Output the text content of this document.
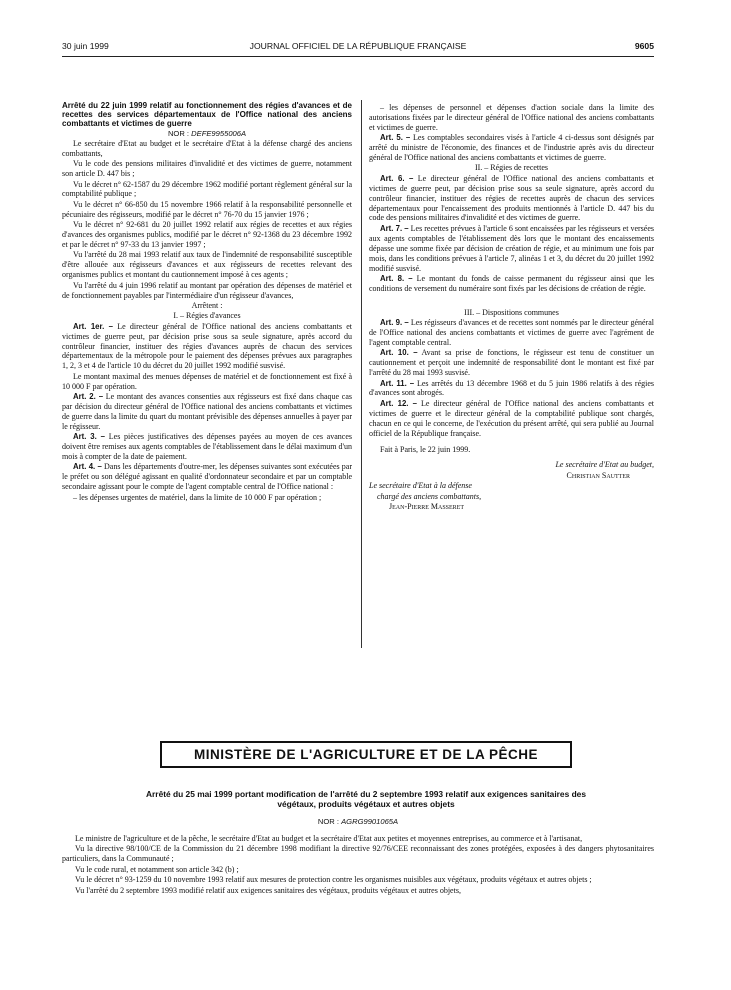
30 juin 1999	JOURNAL OFFICIEL DE LA RÉPUBLIQUE FRANÇAISE	9605

Arrêté du 22 juin 1999 relatif au fonctionnement des régies d'avances et de recettes des services départementaux de l'Office national des anciens combattants et victimes de guerre

NOR : DEFE9955006A

Le secrétaire d'Etat au budget et le secrétaire d'Etat à la défense chargé des anciens combattants,

Vu le code des pensions militaires d'invalidité et des victimes de guerre, notamment son article D. 447 bis ;

Vu le décret n° 62-1587 du 29 décembre 1962 modifié portant règlement général sur la comptabilité publique ;

Vu le décret n° 66-850 du 15 novembre 1966 relatif à la responsabilité personnelle et pécuniaire des régisseurs, modifié par le décret n° 76-70 du 15 janvier 1976 ;

Vu le décret n° 92-681 du 20 juillet 1992 relatif aux régies de recettes et aux régies d'avances des organismes publics, modifié par le décret n° 92-1368 du 23 décembre 1992 et par le décret n° 97-33 du 13 janvier 1997 ;

Vu l'arrêté du 28 mai 1993 relatif aux taux de l'indemnité de responsabilité susceptible d'être allouée aux régisseurs d'avances et aux régisseurs de recettes relevant des organismes publics et montant du cautionnement imposé à ces agents ;

Vu l'arrêté du 4 juin 1996 relatif au montant par opération des dépenses de matériel et de fonctionnement payables par l'intermédiaire d'un régisseur d'avances,

Arrêtent :

I. – Régies d'avances

Art. 1er. – Le directeur général de l'Office national des anciens combattants et victimes de guerre peut, par décision prise sous sa seule signature, après accord du contrôleur financier, instituer des régies d'avances auprès de chacun des services départementaux de la métropole pour le paiement des dépenses prévues aux paragraphes 1, 2, 3 et 4 de l'article 10 du décret du 20 juillet 1992 modifié susvisé.

Le montant maximal des menues dépenses de matériel et de fonctionnement est fixé à 10 000 F par opération.

Art. 2. – Le montant des avances consenties aux régisseurs est fixé dans chaque cas par décision du directeur général de l'Office national des anciens combattants et victimes de guerre dans la limite du quart du montant prévisible des dépenses annuelles à payer par le régisseur.

Art. 3. – Les pièces justificatives des dépenses payées au moyen de ces avances doivent être remises aux agents comptables de l'établissement dans le délai maximum d'un mois à compter de la date de paiement.

Art. 4. – Dans les départements d'outre-mer, les dépenses suivantes sont exécutées par le préfet ou son délégué agissant en qualité d'ordonnateur secondaire et par un comptable secondaire agissant pour le compte de l'agent comptable central de l'Office national :

– les dépenses urgentes de matériel, dans la limite de 10 000 F par opération ;

– les dépenses de personnel et dépenses d'action sociale dans la limite des autorisations fixées par le directeur général de l'Office national des anciens combattants et victimes de guerre.

Art. 5. – Les comptables secondaires visés à l'article 4 ci-dessus sont désignés par arrêté du ministre de l'économie, des finances et de l'industrie après avis du directeur général de l'Office national des anciens combattants et victimes de guerre.

II. – Régies de recettes

Art. 6. – Le directeur général de l'Office national des anciens combattants et victimes de guerre peut, par décision prise sous sa seule signature, après accord du contrôleur financier, instituer des régies de recettes auprès de chacun des services départementaux pour l'encaissement des produits mentionnés à l'article D. 447 bis du code des pensions militaires d'invalidité et des victimes de guerre.

Art. 7. – Les recettes prévues à l'article 6 sont encaissées par les régisseurs et versées aux agents comptables de l'établissement dès lors que le montant des encaissements dépasse une somme fixée par décision de création de régie, et au minimum une fois par mois, dans les conditions prévues à l'article 7, alinéas 1 et 3, du décret du 20 juillet 1992 modifié susvisé.

Art. 8. – Le montant du fonds de caisse permanent du régisseur ainsi que les conditions de versement du numéraire sont fixés par les décisions de création de régie.

III. – Dispositions communes

Art. 9. – Les régisseurs d'avances et de recettes sont nommés par le directeur général de l'Office national des anciens combattants et victimes de guerre avec l'agrément de l'agent comptable central.

Art. 10. – Avant sa prise de fonctions, le régisseur est tenu de constituer un cautionnement et perçoit une indemnité de responsabilité dont le montant est fixé par l'arrêté du 28 mai 1993 susvisé.

Art. 11. – Les arrêtés du 13 décembre 1968 et du 5 juin 1986 relatifs à des régies d'avances sont abrogés.

Art. 12. – Le directeur général de l'Office national des anciens combattants et victimes de guerre et le directeur général de la comptabilité publique sont chargés, chacun en ce qui le concerne, de l'exécution du présent arrêté, qui sera publié au Journal officiel de la République française.

Fait à Paris, le 22 juin 1999.

Le secrétaire d'Etat au budget,

Christian Sautter

Le secrétaire d'Etat à la défense

chargé des anciens combattants,

Jean-Pierre Masseret

MINISTÈRE DE L'AGRICULTURE ET DE LA PÊCHE
Arrêté du 25 mai 1999 portant modification de l'arrêté du 2 septembre 1993 relatif aux exigences sanitaires des végétaux, produits végétaux et autres objets
NOR : AGRG9901065A

Le ministre de l'agriculture et de la pêche, le secrétaire d'Etat au budget et la secrétaire d'Etat aux petites et moyennes entreprises, au commerce et à l'artisanat,

Vu la directive 98/100/CE de la Commission du 21 décembre 1998 modifiant la directive 92/76/CEE reconnaissant des zones protégées, exposées à des dangers phytosanitaires particuliers, dans la Communauté ;

Vu le code rural, et notamment son article 342 (b) ;

Vu le décret n° 93-1259 du 10 novembre 1993 relatif aux mesures de protection contre les organismes nuisibles aux végétaux, produits végétaux et autres objets ;

Vu l'arrêté du 2 septembre 1993 modifié relatif aux exigences sanitaires des végétaux, produits végétaux et autres objets,
